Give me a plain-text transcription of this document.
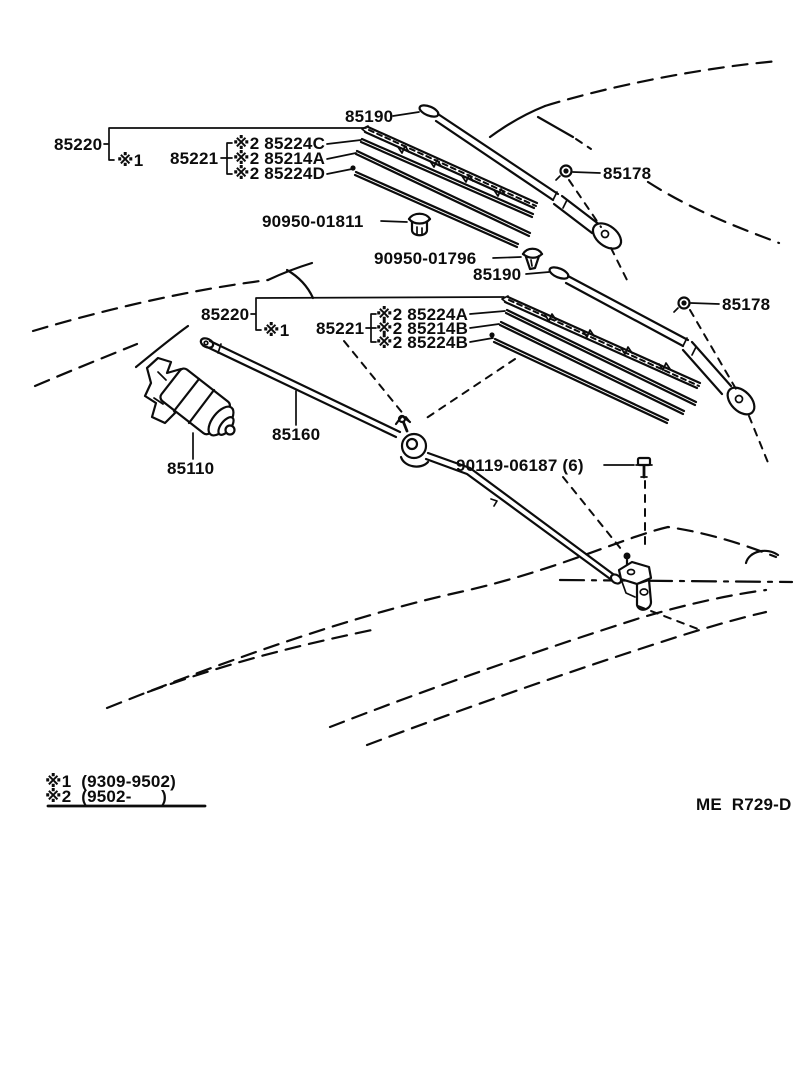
85190
85220
※1 85221
※2 85224C
※2 85214A
※2 85224D
90950-01811
90950-01796
85190
85178
85178
85220
※1 85221
※2 85224A
※2 85214B
※2 85224B
85160
85110	90119-06187 (6)
※1  (9309-9502)
※2  (9502-      )	ME  R729-D
